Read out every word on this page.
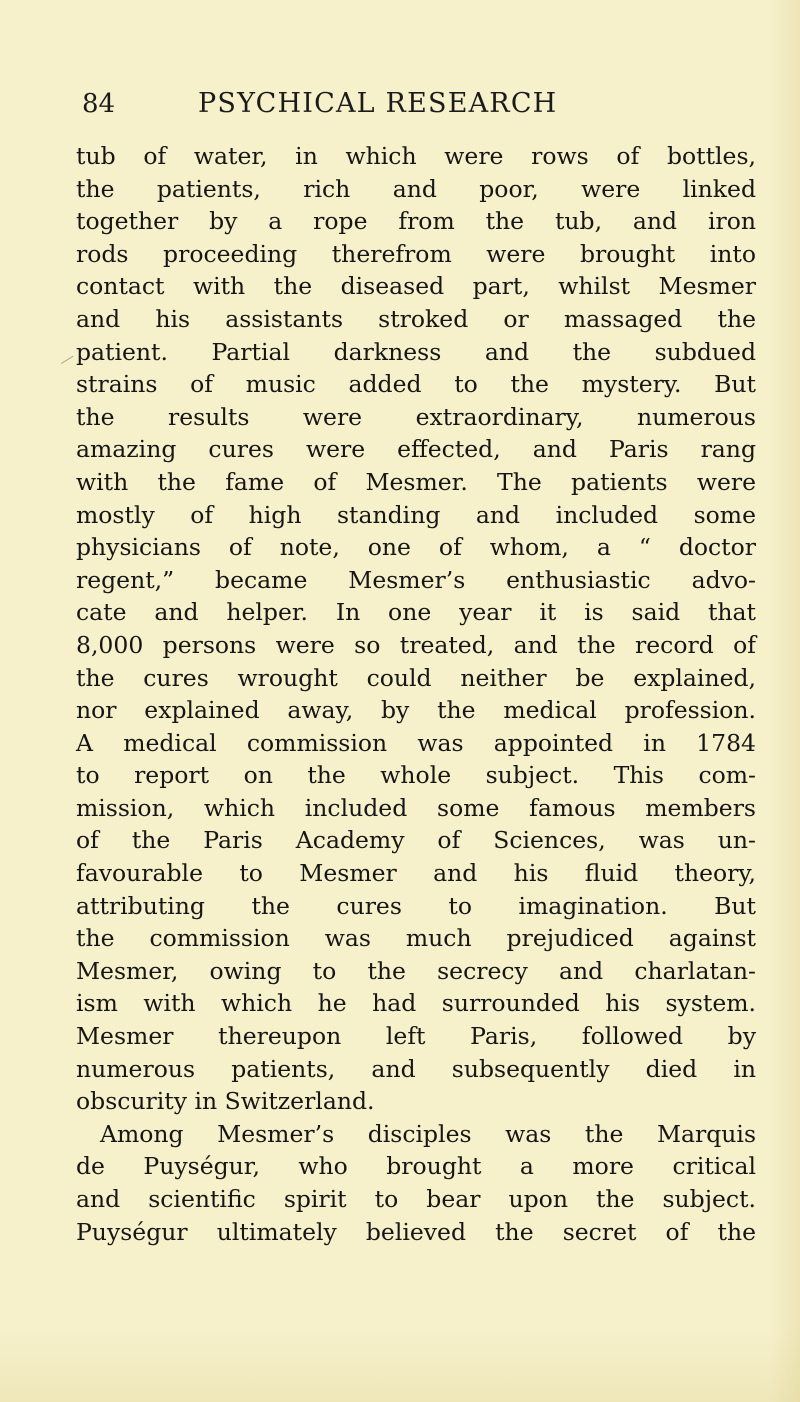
84	PSYCHICAL RESEARCH
tub of water, in which were rows of bottles,
the patients, rich and poor, were linked
together by a rope from the tub, and iron
rods proceeding therefrom were brought into
contact with the diseased part, whilst Mesmer
and his assistants stroked or massaged the
patient. Partial darkness and the subdued
strains of music added to the mystery. But
the results were extraordinary, numerous
amazing cures were effected, and Paris rang
with the fame of Mesmer. The patients were
mostly of high standing and included some
physicians of note, one of whom, a “ doctor
regent,” became Mesmer’s enthusiastic advo-
cate and helper. In one year it is said that
8,000 persons were so treated, and the record of
the cures wrought could neither be explained,
nor explained away, by the medical profession.
A medical commission was appointed in 1784
to report on the whole subject. This com-
mission, which included some famous members
of the Paris Academy of Sciences, was un-
favourable to Mesmer and his fluid theory,
attributing the cures to imagination. But
the commission was much prejudiced against
Mesmer, owing to the secrecy and charlatan-
ism with which he had surrounded his system.
Mesmer thereupon left Paris, followed by
numerous patients, and subsequently died in
obscurity in Switzerland.
Among Mesmer’s disciples was the Marquis
de Puységur, who brought a more critical
and scientific spirit to bear upon the subject.
Puységur ultimately believed the secret of the
